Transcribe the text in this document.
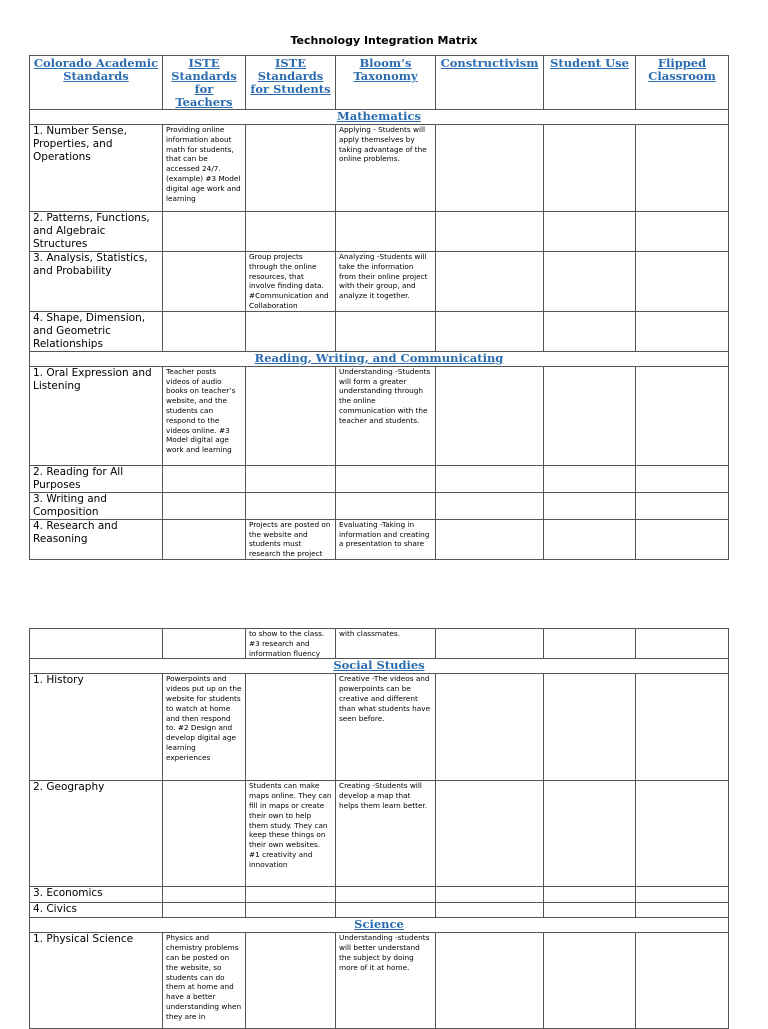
Technology Integration Matrix
Colorado Academic Standards	ISTE Standards for Teachers	ISTE Standards for Students	Bloom’s Taxonomy	Constructivism	Student Use	Flipped Classroom
Mathematics						
1. Number Sense, Properties, and Operations	Providing online information about math for students, that can be accessed 24/7. (example) #3 Model digital age work and learning		Applying - Students will apply themselves by taking advantage of the online problems.			
2. Patterns, Functions, and Algebraic Structures						
3. Analysis, Statistics, and Probability		Group projects through the online resources, that involve finding data. #Communication and Collaboration	Analyzing -Students will take the information from their online project with their group, and analyze it together.			
4. Shape, Dimension, and Geometric Relationships						
Reading, Writing, and Communicating						
1. Oral Expression and Listening	Teacher posts videos of audio books on teacher’s website, and the students can respond to the videos online. #3 Model digital age work and learning		Understanding -Students will form a greater understanding through the online communication with the teacher and students.			
2. Reading for All Purposes						
3. Writing and Composition						
4. Research and Reasoning		Projects are posted on the website and students must research the project	Evaluating -Taking in information and creating a presentation to share			
		to show to the class. #3 research and information fluency	with classmates.			
Social Studies						
1. History	Powerpoints and videos put up on the website for students to watch at home and then respond to. #2 Design and develop digital age learning experiences		Creative -The videos and powerpoints can be creative and different than what students have seen before.			
2. Geography		Students can make maps online. They can fill in maps or create their own to help them study. They can keep these things on their own websites. #1 creativity and innovation	Creating -Students will develop a map that helps them learn better.			
3. Economics						
4. Civics						
Science						
1. Physical Science	Physics and chemistry problems can be posted on the website, so students can do them at home and have a better understanding when they are in		Understanding -students will better understand the subject by doing more of it at home.			
